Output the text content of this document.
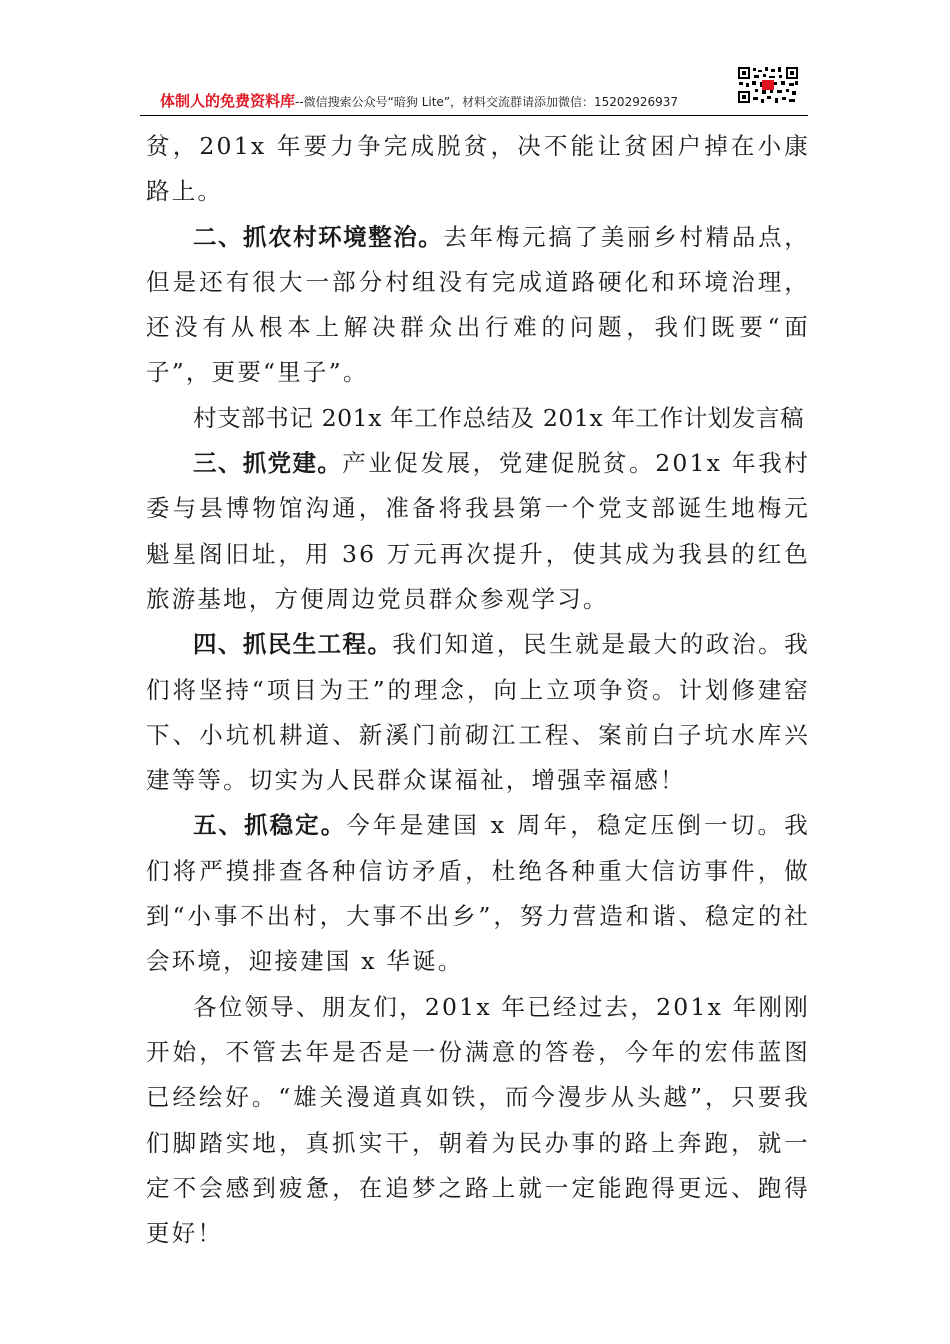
体制人的免费资料库--微信搜索公众号“暗狗 Lite”，材料交流群请添加微信：15202926937

贫，201x 年要力争完成脱贫，决不能让贫困户掉在小康路上。

二、抓农村环境整治。去年梅元搞了美丽乡村精品点，但是还有很大一部分村组没有完成道路硬化和环境治理，还没有从根本上解决群众出行难的问题，我们既要“面子”，更要“里子”。

村支部书记 201x 年工作总结及 201x 年工作计划发言稿

三、抓党建。产业促发展，党建促脱贫。201x 年我村委与县博物馆沟通，准备将我县第一个党支部诞生地梅元魁星阁旧址，用 36 万元再次提升，使其成为我县的红色旅游基地，方便周边党员群众参观学习。

四、抓民生工程。我们知道，民生就是最大的政治。我们将坚持“项目为王”的理念，向上立项争资。计划修建窑下、小坑机耕道、新溪门前砌江工程、案前白子坑水库兴建等等。切实为人民群众谋福祉，增强幸福感！

五、抓稳定。今年是建国 x 周年，稳定压倒一切。我们将严摸排查各种信访矛盾，杜绝各种重大信访事件，做到“小事不出村，大事不出乡”，努力营造和谐、稳定的社会环境，迎接建国 x 华诞。

各位领导、朋友们，201x 年已经过去，201x 年刚刚开始，不管去年是否是一份满意的答卷，今年的宏伟蓝图已经绘好。“雄关漫道真如铁，而今漫步从头越”，只要我们脚踏实地，真抓实干，朝着为民办事的路上奔跑，就一定不会感到疲惫，在追梦之路上就一定能跑得更远、跑得更好！
